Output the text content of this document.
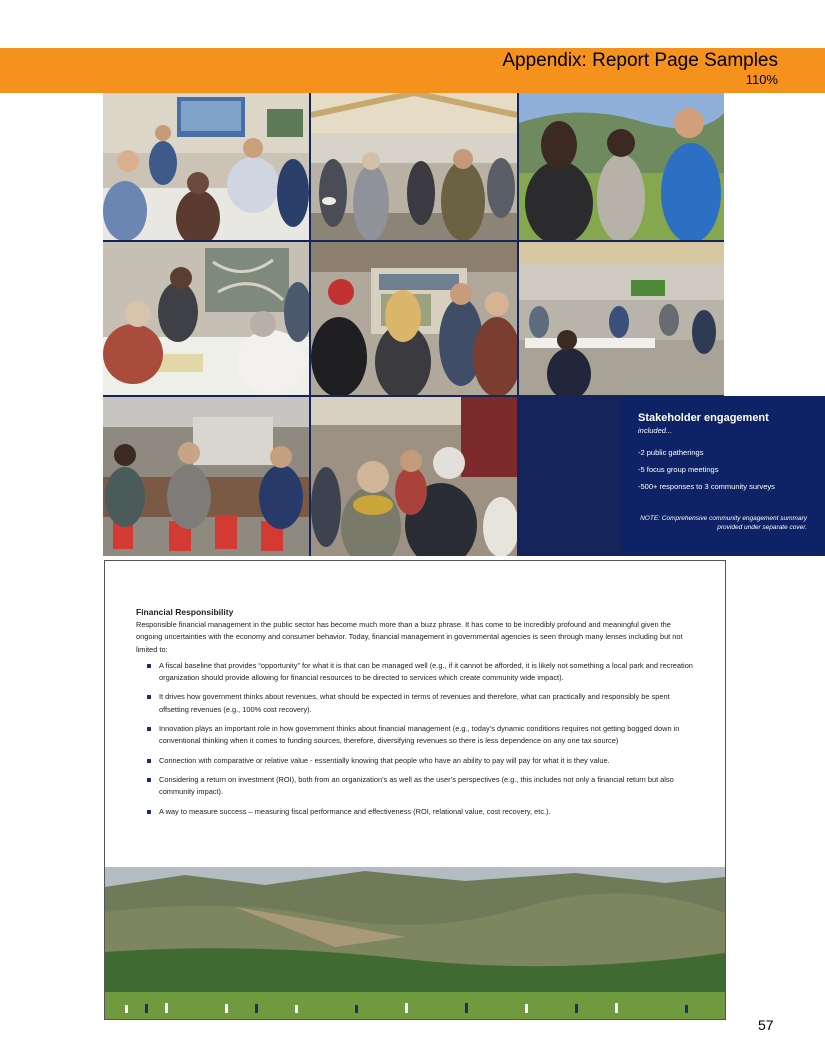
Appendix: Report Page Samples
110%
Stakeholder engagement
included...
-2 public gatherings
-5 focus group meetings
-500+ responses to 3 community surveys
NOTE: Comprehensive community engagement summary provided under separate cover.
Financial Responsibility

Responsible financial management in the public sector has become much more than a buzz phrase. It has come to be incredibly profound and meaningful given the ongoing uncertainties with the economy and consumer behavior. Today, financial management in governmental agencies is seen through many lenses including but not limited to:

A fiscal baseline that provides “opportunity” for what it is that can be managed well (e.g., if it cannot be afforded, it is likely not something a local park and recreation organization should provide allowing for financial resources to be directed to services which create community wide impact).
It drives how government thinks about revenues, what should be expected in terms of revenues and therefore, what can practically and responsibly be spent offsetting revenues (e.g., 100% cost recovery).
Innovation plays an important role in how government thinks about financial management (e.g., today’s dynamic conditions requires not getting bogged down in conventional thinking when it comes to funding sources, therefore, diversifying revenues so there is less dependence on any one tax source)
Connection with comparative or relative value - essentially knowing that people who have an ability to pay will pay for what it is they value.
Considering a return on investment (ROI), both from an organization’s as well as the user’s perspectives (e.g., this includes not only a financial return but also community impact).
A way to measure success – measuring fiscal performance and effectiveness (ROI, relational value, cost recovery, etc.).
57
